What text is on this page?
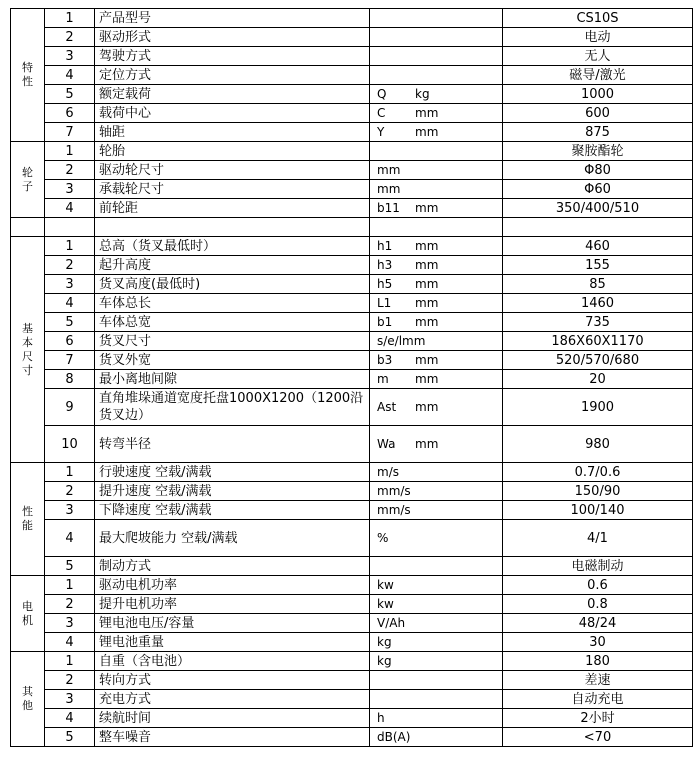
特性	1	产品型号		CS10S
	2	驱动形式		电动
	3	驾驶方式		无人
	4	定位方式		磁导/激光
	5	额定载荷	Q kg	1000
	6	载荷中心	C mm	600
	7	轴距	Y mm	875
轮子	1	轮胎		聚胺酯轮
	2	驱动轮尺寸	mm	Φ80
	3	承载轮尺寸	mm	Φ60
	4	前轮距	b11 mm	350/400/510

基本尺寸	1	总高（货叉最低时）	h1 mm	460
	2	起升高度	h3 mm	155
	3	货叉高度(最低时)	h5 mm	85
	4	车体总长	L1 mm	1460
	5	车体总宽	b1 mm	735
	6	货叉尺寸	s/e/lmm	186X60X1170
	7	货叉外宽	b3 mm	520/570/680
	8	最小离地间隙	m mm	20
	9	直角堆垛通道宽度托盘1000X1200（1200沿货叉边）	Ast mm	1900
	10	转弯半径	Wa mm	980
性能	1	行驶速度 空载/满载	m/s	0.7/0.6
	2	提升速度 空载/满载	mm/s	150/90
	3	下降速度 空载/满载	mm/s	100/140
	4	最大爬坡能力 空载/满载	%	4/1
	5	制动方式		电磁制动
电机	1	驱动电机功率	kw	0.6
	2	提升电机功率	kw	0.8
	3	锂电池电压/容量	V/Ah	48/24
	4	锂电池重量	kg	30
其他	1	自重（含电池）	kg	180
	2	转向方式		差速
	3	充电方式		自动充电
	4	续航时间	h	2小时
	5	整车噪音	dB(A)	<70
